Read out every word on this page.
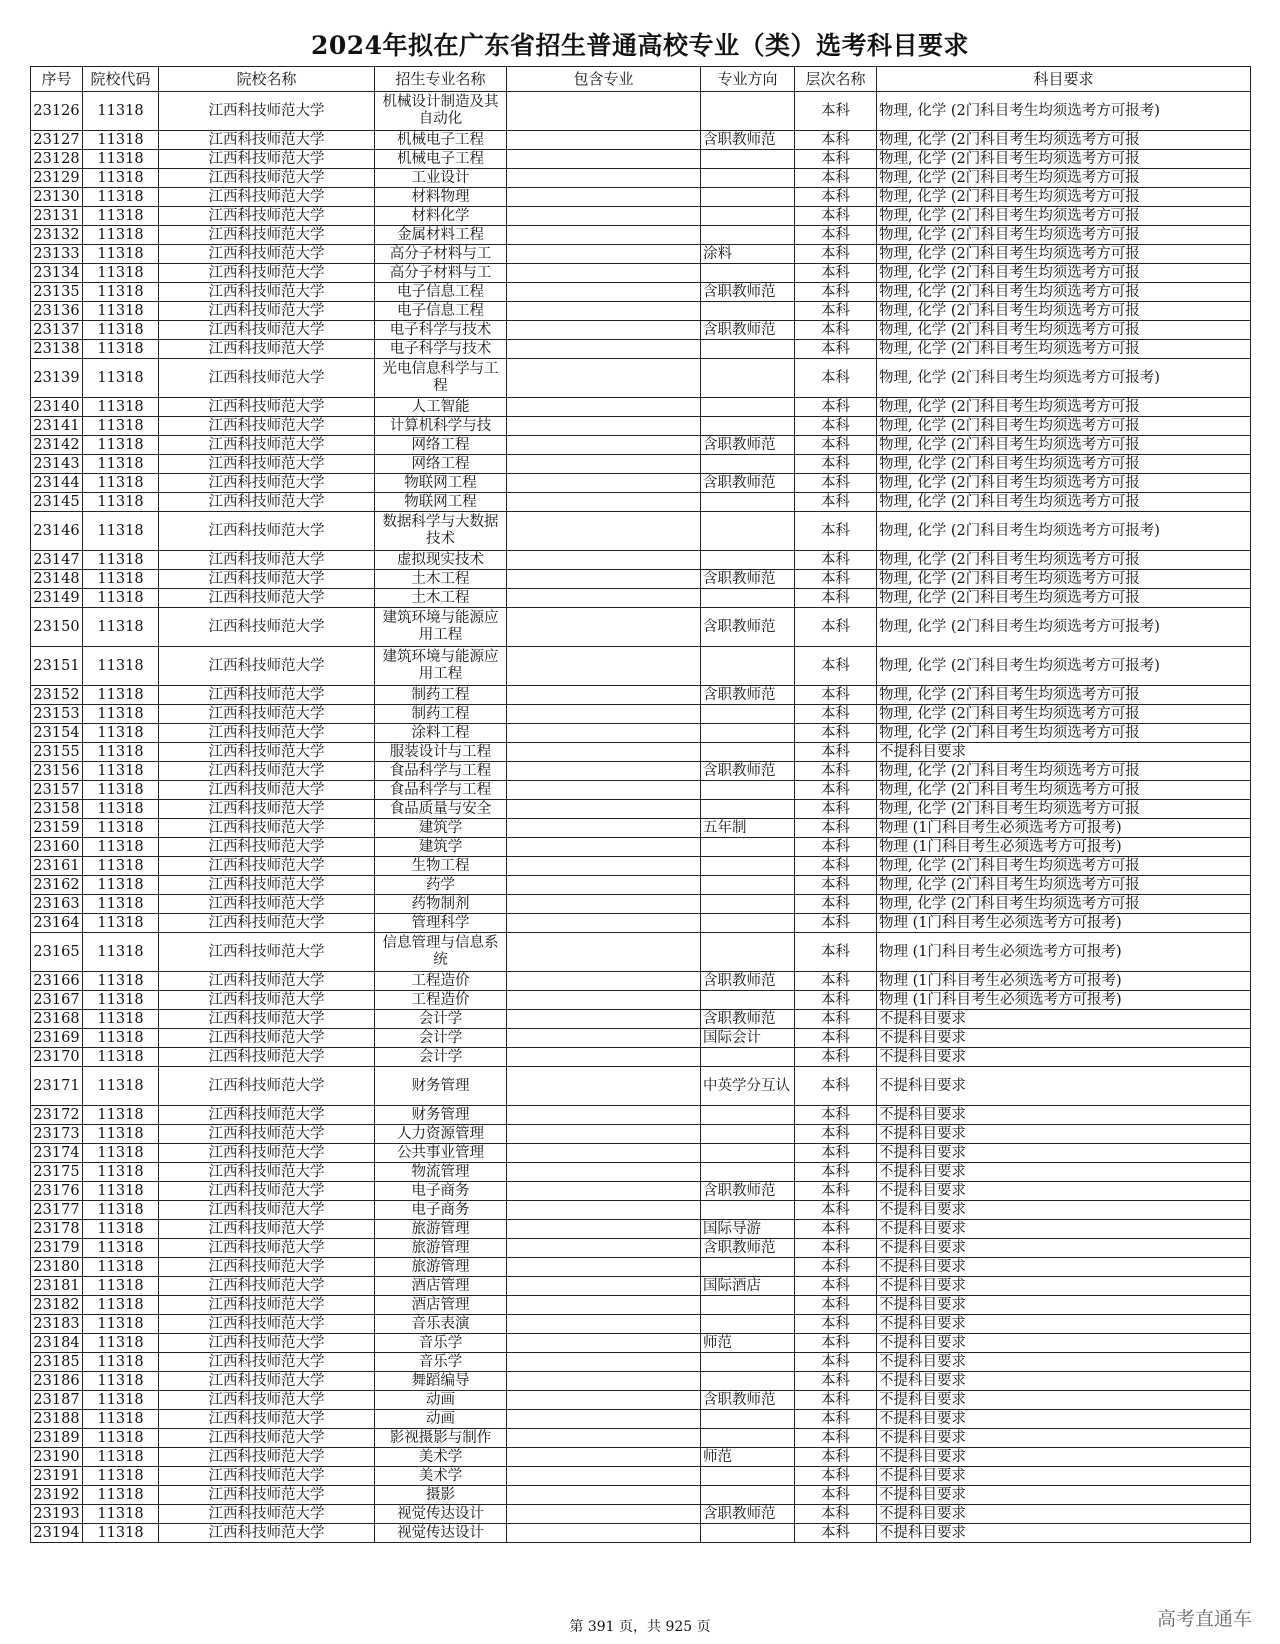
2024年拟在广东省招生普通高校专业（类）选考科目要求
序号	院校代码	院校名称	招生专业名称	包含专业	专业方向	层次名称	科目要求
23126	11318	江西科技师范大学	机械设计制造及其自动化			本科	物理, 化学 (2门科目考生均须选考方可报考)
23127	11318	江西科技师范大学	机械电子工程		含职教师范	本科	物理, 化学 (2门科目考生均须选考方可报
23128	11318	江西科技师范大学	机械电子工程			本科	物理, 化学 (2门科目考生均须选考方可报
23129	11318	江西科技师范大学	工业设计			本科	物理, 化学 (2门科目考生均须选考方可报
23130	11318	江西科技师范大学	材料物理			本科	物理, 化学 (2门科目考生均须选考方可报
23131	11318	江西科技师范大学	材料化学			本科	物理, 化学 (2门科目考生均须选考方可报
23132	11318	江西科技师范大学	金属材料工程			本科	物理, 化学 (2门科目考生均须选考方可报
23133	11318	江西科技师范大学	高分子材料与工		涂料	本科	物理, 化学 (2门科目考生均须选考方可报
23134	11318	江西科技师范大学	高分子材料与工			本科	物理, 化学 (2门科目考生均须选考方可报
23135	11318	江西科技师范大学	电子信息工程		含职教师范	本科	物理, 化学 (2门科目考生均须选考方可报
23136	11318	江西科技师范大学	电子信息工程			本科	物理, 化学 (2门科目考生均须选考方可报
23137	11318	江西科技师范大学	电子科学与技术		含职教师范	本科	物理, 化学 (2门科目考生均须选考方可报
23138	11318	江西科技师范大学	电子科学与技术			本科	物理, 化学 (2门科目考生均须选考方可报
23139	11318	江西科技师范大学	光电信息科学与工程			本科	物理, 化学 (2门科目考生均须选考方可报考)
23140	11318	江西科技师范大学	人工智能			本科	物理, 化学 (2门科目考生均须选考方可报
23141	11318	江西科技师范大学	计算机科学与技			本科	物理, 化学 (2门科目考生均须选考方可报
23142	11318	江西科技师范大学	网络工程		含职教师范	本科	物理, 化学 (2门科目考生均须选考方可报
23143	11318	江西科技师范大学	网络工程			本科	物理, 化学 (2门科目考生均须选考方可报
23144	11318	江西科技师范大学	物联网工程		含职教师范	本科	物理, 化学 (2门科目考生均须选考方可报
23145	11318	江西科技师范大学	物联网工程			本科	物理, 化学 (2门科目考生均须选考方可报
23146	11318	江西科技师范大学	数据科学与大数据技术			本科	物理, 化学 (2门科目考生均须选考方可报考)
23147	11318	江西科技师范大学	虚拟现实技术			本科	物理, 化学 (2门科目考生均须选考方可报
23148	11318	江西科技师范大学	土木工程		含职教师范	本科	物理, 化学 (2门科目考生均须选考方可报
23149	11318	江西科技师范大学	土木工程			本科	物理, 化学 (2门科目考生均须选考方可报
23150	11318	江西科技师范大学	建筑环境与能源应用工程		含职教师范	本科	物理, 化学 (2门科目考生均须选考方可报考)
23151	11318	江西科技师范大学	建筑环境与能源应用工程			本科	物理, 化学 (2门科目考生均须选考方可报考)
23152	11318	江西科技师范大学	制药工程		含职教师范	本科	物理, 化学 (2门科目考生均须选考方可报
23153	11318	江西科技师范大学	制药工程			本科	物理, 化学 (2门科目考生均须选考方可报
23154	11318	江西科技师范大学	涂料工程			本科	物理, 化学 (2门科目考生均须选考方可报
23155	11318	江西科技师范大学	服装设计与工程			本科	不提科目要求
23156	11318	江西科技师范大学	食品科学与工程		含职教师范	本科	物理, 化学 (2门科目考生均须选考方可报
23157	11318	江西科技师范大学	食品科学与工程			本科	物理, 化学 (2门科目考生均须选考方可报
23158	11318	江西科技师范大学	食品质量与安全			本科	物理, 化学 (2门科目考生均须选考方可报
23159	11318	江西科技师范大学	建筑学		五年制	本科	物理 (1门科目考生必须选考方可报考)
23160	11318	江西科技师范大学	建筑学			本科	物理 (1门科目考生必须选考方可报考)
23161	11318	江西科技师范大学	生物工程			本科	物理, 化学 (2门科目考生均须选考方可报
23162	11318	江西科技师范大学	药学			本科	物理, 化学 (2门科目考生均须选考方可报
23163	11318	江西科技师范大学	药物制剂			本科	物理, 化学 (2门科目考生均须选考方可报
23164	11318	江西科技师范大学	管理科学			本科	物理 (1门科目考生必须选考方可报考)
23165	11318	江西科技师范大学	信息管理与信息系统			本科	物理 (1门科目考生必须选考方可报考)
23166	11318	江西科技师范大学	工程造价		含职教师范	本科	物理 (1门科目考生必须选考方可报考)
23167	11318	江西科技师范大学	工程造价			本科	物理 (1门科目考生必须选考方可报考)
23168	11318	江西科技师范大学	会计学		含职教师范	本科	不提科目要求
23169	11318	江西科技师范大学	会计学		国际会计	本科	不提科目要求
23170	11318	江西科技师范大学	会计学			本科	不提科目要求
23171	11318	江西科技师范大学	财务管理		中英学分互认	本科	不提科目要求
23172	11318	江西科技师范大学	财务管理			本科	不提科目要求
23173	11318	江西科技师范大学	人力资源管理			本科	不提科目要求
23174	11318	江西科技师范大学	公共事业管理			本科	不提科目要求
23175	11318	江西科技师范大学	物流管理			本科	不提科目要求
23176	11318	江西科技师范大学	电子商务		含职教师范	本科	不提科目要求
23177	11318	江西科技师范大学	电子商务			本科	不提科目要求
23178	11318	江西科技师范大学	旅游管理		国际导游	本科	不提科目要求
23179	11318	江西科技师范大学	旅游管理		含职教师范	本科	不提科目要求
23180	11318	江西科技师范大学	旅游管理			本科	不提科目要求
23181	11318	江西科技师范大学	酒店管理		国际酒店	本科	不提科目要求
23182	11318	江西科技师范大学	酒店管理			本科	不提科目要求
23183	11318	江西科技师范大学	音乐表演			本科	不提科目要求
23184	11318	江西科技师范大学	音乐学		师范	本科	不提科目要求
23185	11318	江西科技师范大学	音乐学			本科	不提科目要求
23186	11318	江西科技师范大学	舞蹈编导			本科	不提科目要求
23187	11318	江西科技师范大学	动画		含职教师范	本科	不提科目要求
23188	11318	江西科技师范大学	动画			本科	不提科目要求
23189	11318	江西科技师范大学	影视摄影与制作			本科	不提科目要求
23190	11318	江西科技师范大学	美术学		师范	本科	不提科目要求
23191	11318	江西科技师范大学	美术学			本科	不提科目要求
23192	11318	江西科技师范大学	摄影			本科	不提科目要求
23193	11318	江西科技师范大学	视觉传达设计		含职教师范	本科	不提科目要求
23194	11318	江西科技师范大学	视觉传达设计			本科	不提科目要求
第 391 页，共 925 页	高考直通车
